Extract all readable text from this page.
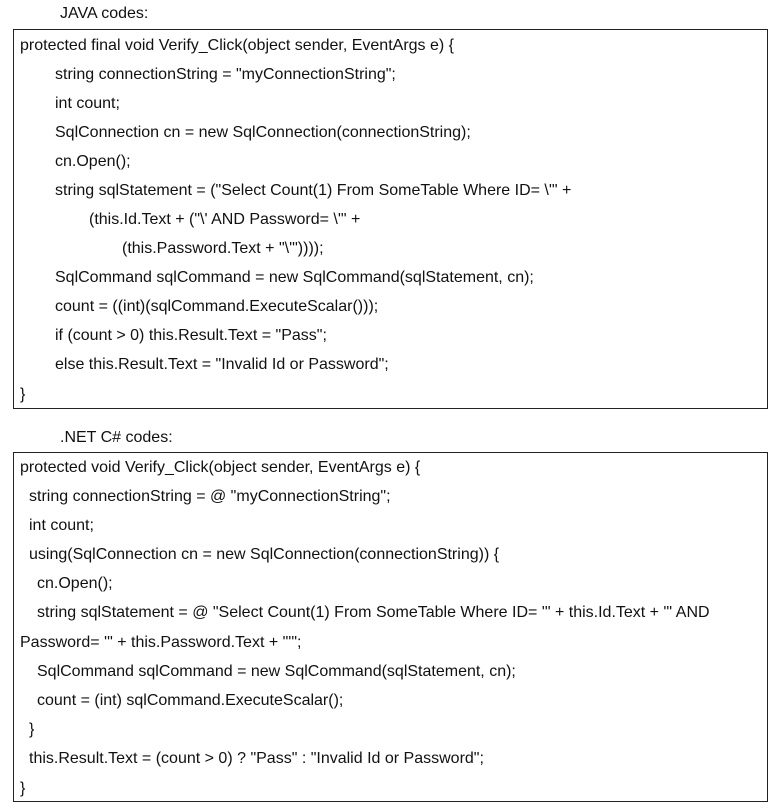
JAVA codes:
protected final void Verify_Click(object sender, EventArgs e) {
string connectionString = "myConnectionString";
int count;
SqlConnection cn = new SqlConnection(connectionString);
cn.Open();
string sqlStatement = ("Select Count(1) From SomeTable Where ID= \'" +
(this.Id.Text + ("\' AND Password= \'" +
(this.Password.Text + "\'"))));
SqlCommand sqlCommand = new SqlCommand(sqlStatement, cn);
count = ((int)(sqlCommand.ExecuteScalar()));
if (count > 0) this.Result.Text = "Pass";
else this.Result.Text = "Invalid Id or Password";
}
.NET C# codes:
protected void Verify_Click(object sender, EventArgs e) {
string connectionString = @ "myConnectionString";
int count;
using(SqlConnection cn = new SqlConnection(connectionString)) {
cn.Open();
string sqlStatement = @ "Select Count(1) From SomeTable Where ID= '" + this.Id.Text + "' AND
Password= '" + this.Password.Text + "'";
SqlCommand sqlCommand = new SqlCommand(sqlStatement, cn);
count = (int) sqlCommand.ExecuteScalar();
}
this.Result.Text = (count > 0) ? "Pass" : "Invalid Id or Password";
}
